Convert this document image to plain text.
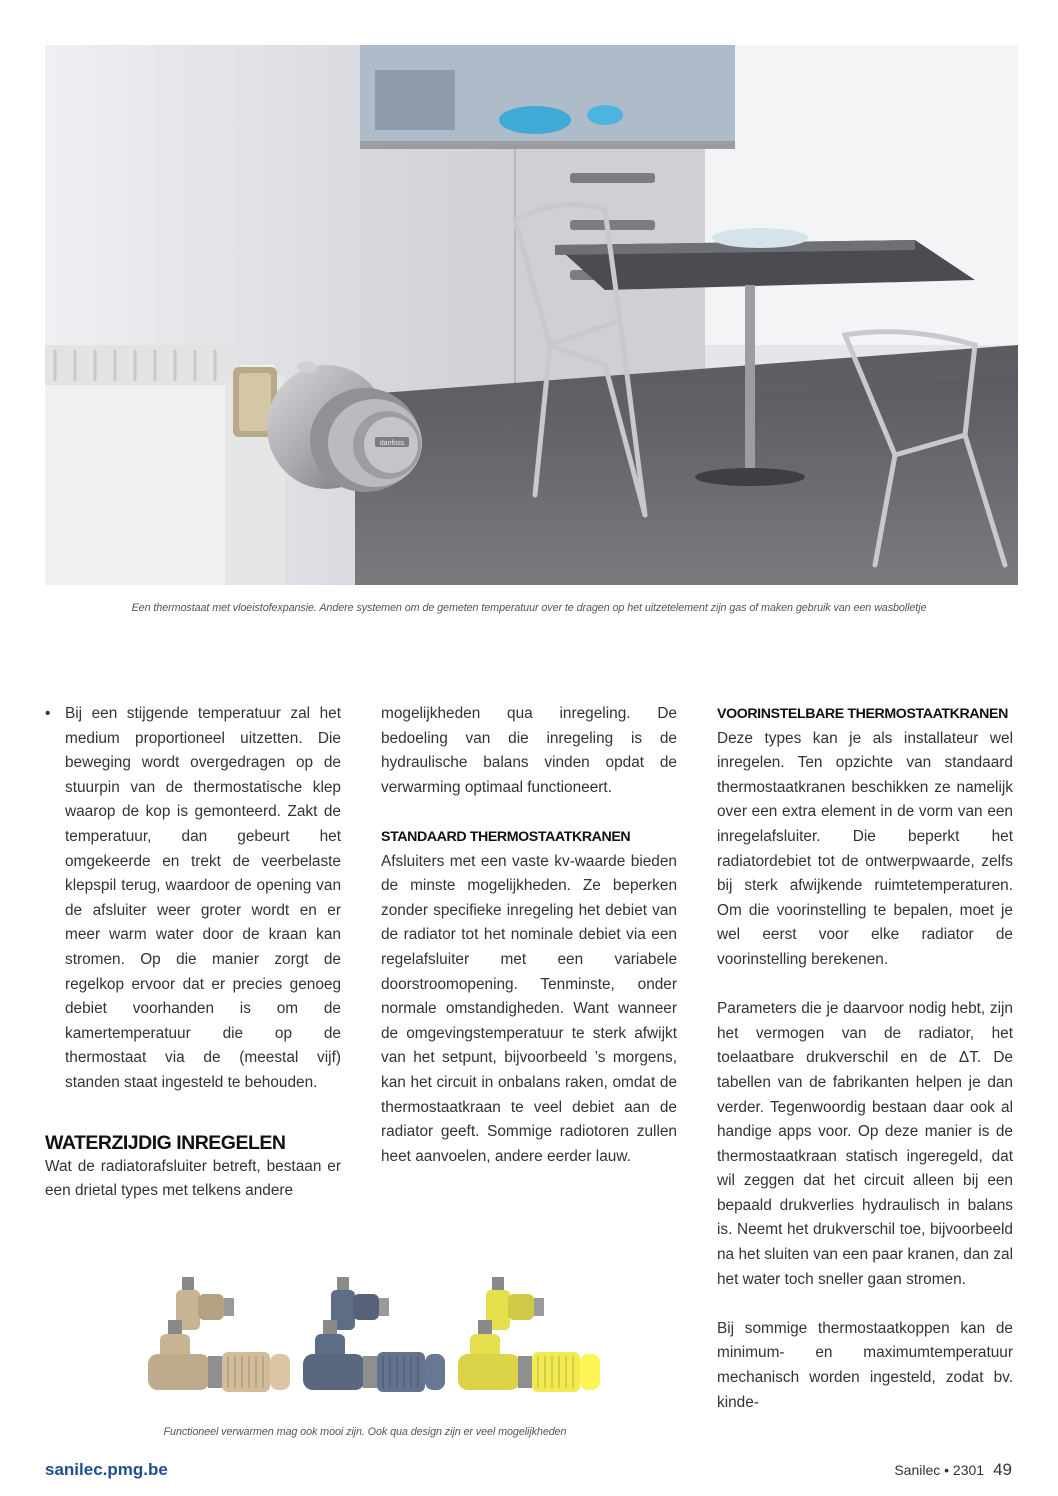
danfoss
Een thermostaat met vloeistofexpansie. Andere systemen om de gemeten temperatuur over te dragen op het uitzetelement zijn gas of maken gebruik van een wasbolletje

• Bij een stijgende temperatuur zal het medium proportioneel uitzetten. Die beweging wordt overgedragen op de stuurpin van de thermostatische klep waarop de kop is gemonteerd. Zakt de temperatuur, dan gebeurt het omgekeerde en trekt de veerbelaste klepspil terug, waardoor de opening van de afsluiter weer groter wordt en er meer warm water door de kraan kan stromen. Op die manier zorgt de regelkop ervoor dat er precies genoeg debiet voorhanden is om de kamertemperatuur die op de thermostaat via de (meestal vijf) standen staat ingesteld te behouden.

WATERZIJDIG INREGELEN

Wat de radiatorafsluiter betreft, bestaan er een drietal types met telkens andere

mogelijkheden qua inregeling. De bedoeling van die inregeling is de hydraulische balans vinden opdat de verwarming optimaal functioneert.

STANDAARD THERMOSTAATKRANEN

Afsluiters met een vaste kv-waarde bieden de minste mogelijkheden. Ze beperken zonder specifieke inregeling het debiet van de radiator tot het nominale debiet via een regelafsluiter met een variabele doorstroomopening. Tenminste, onder normale omstandigheden. Want wanneer de omgevingstemperatuur te sterk afwijkt van het setpunt, bijvoorbeeld ’s morgens, kan het circuit in onbalans raken, omdat de thermostaatkraan te veel debiet aan de radiator geeft. Sommige radiotoren zullen heet aanvoelen, andere eerder lauw.

VOORINSTELBARE THERMOSTAATKRANEN

Deze types kan je als installateur wel inregelen. Ten opzichte van standaard thermostaatkranen beschikken ze namelijk over een extra element in de vorm van een inregelafsluiter. Die beperkt het radiatordebiet tot de ontwerpwaarde, zelfs bij sterk afwijkende ruimtetemperaturen. Om die voorinstelling te bepalen, moet je wel eerst voor elke radiator de voorinstelling berekenen.

Parameters die je daarvoor nodig hebt, zijn het vermogen van de radiator, het toelaatbare drukverschil en de ΔT. De tabellen van de fabrikanten helpen je dan verder. Tegenwoordig bestaan daar ook al handige apps voor. Op deze manier is de thermostaatkraan statisch ingeregeld, dat wil zeggen dat het circuit alleen bij een bepaald drukverlies hydraulisch in balans is. Neemt het drukverschil toe, bijvoorbeeld na het sluiten van een paar kranen, dan zal het water toch sneller gaan stromen.

Bij sommige thermostaatkoppen kan de minimum- en maximumtemperatuur mechanisch worden ingesteld, zodat bv. kinde-

Functioneel verwarmen mag ook mooi zijn. Ook qua design zijn er veel mogelijkheden
sanilec.pmg.be	Sanilec • 2301 49
